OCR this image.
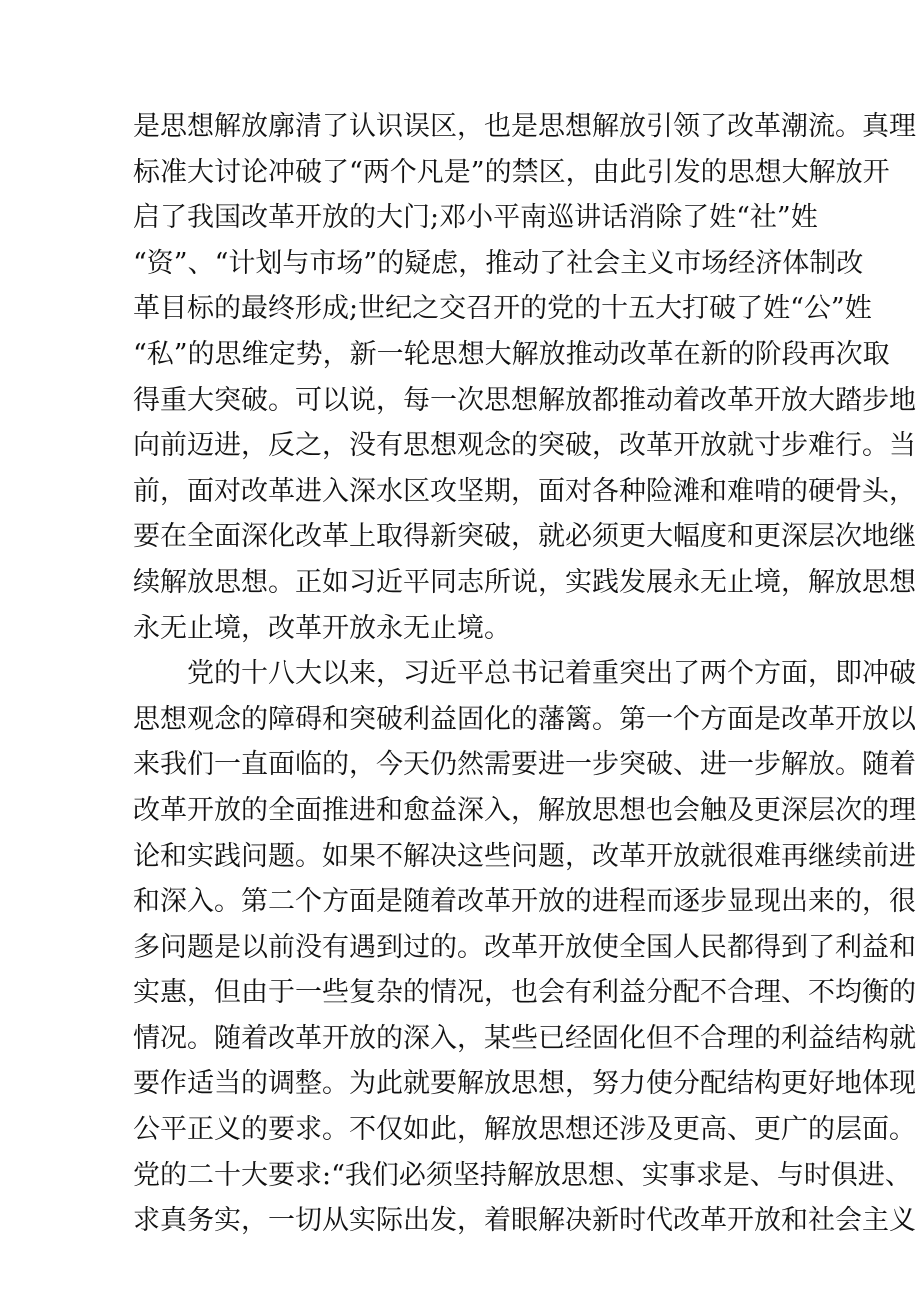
是思想解放廓清了认识误区，也是思想解放引领了改革潮流。真理
标准大讨论冲破了“两个凡是”的禁区，由此引发的思想大解放开
启了我国改革开放的大门;邓小平南巡讲话消除了姓“社”姓
“资”、“计划与市场”的疑虑，推动了社会主义市场经济体制改
革目标的最终形成;世纪之交召开的党的十五大打破了姓“公”姓
“私”的思维定势，新一轮思想大解放推动改革在新的阶段再次取
得重大突破。可以说，每一次思想解放都推动着改革开放大踏步地
向前迈进，反之，没有思想观念的突破，改革开放就寸步难行。当
前，面对改革进入深水区攻坚期，面对各种险滩和难啃的硬骨头，
要在全面深化改革上取得新突破，就必须更大幅度和更深层次地继
续解放思想。正如习近平同志所说，实践发展永无止境，解放思想
永无止境，改革开放永无止境。
党的十八大以来，习近平总书记着重突出了两个方面，即冲破
思想观念的障碍和突破利益固化的藩篱。第一个方面是改革开放以
来我们一直面临的，今天仍然需要进一步突破、进一步解放。随着
改革开放的全面推进和愈益深入，解放思想也会触及更深层次的理
论和实践问题。如果不解决这些问题，改革开放就很难再继续前进
和深入。第二个方面是随着改革开放的进程而逐步显现出来的，很
多问题是以前没有遇到过的。改革开放使全国人民都得到了利益和
实惠，但由于一些复杂的情况，也会有利益分配不合理、不均衡的
情况。随着改革开放的深入，某些已经固化但不合理的利益结构就
要作适当的调整。为此就要解放思想，努力使分配结构更好地体现
公平正义的要求。不仅如此，解放思想还涉及更高、更广的层面。
党的二十大要求:“我们必须坚持解放思想、实事求是、与时俱进、
求真务实，一切从实际出发，着眼解决新时代改革开放和社会主义
